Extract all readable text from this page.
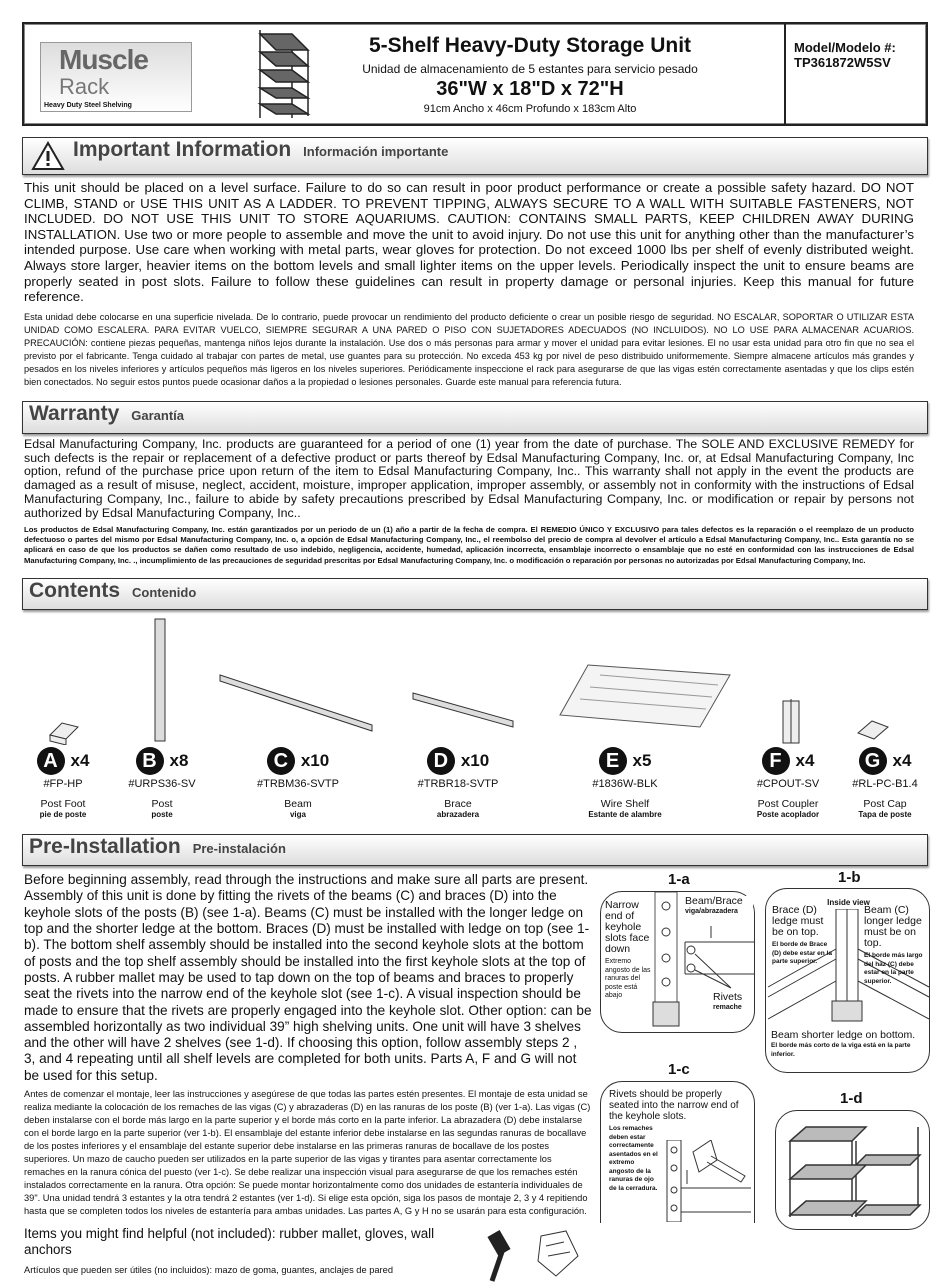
Muscle
Rack
Heavy Duty Steel Shelving
5-Shelf Heavy-Duty Storage Unit
Unidad de almacenamiento de 5 estantes para servicio pesado
36"W x 18"D x 72"H
91cm Ancho x 46cm Profundo x 183cm Alto
Model/Modelo #:
TP361872W5SV
Important Information Información importante
This unit should be placed on a level surface. Failure to do so can result in poor product performance or create a possible safety hazard. DO NOT CLIMB, STAND or USE THIS UNIT AS A LADDER. TO PREVENT TIPPING, ALWAYS SECURE TO A WALL WITH SUITABLE FASTENERS, NOT INCLUDED. DO NOT USE THIS UNIT TO STORE AQUARIUMS. CAUTION: CONTAINS SMALL PARTS, KEEP CHILDREN AWAY DURING INSTALLATION. Use two or more people to assemble and move the unit to avoid injury. Do not use this unit for anything other than the manufacturer’s intended purpose. Use care when working with metal parts, wear gloves for protection. Do not exceed 1000 lbs per shelf of evenly distributed weight. Always store larger, heavier items on the bottom levels and small lighter items on the upper levels. Periodically inspect the unit to ensure beams are properly seated in post slots. Failure to follow these guidelines can result in property damage or personal injuries. Keep this manual for future reference.
Esta unidad debe colocarse en una superficie nivelada. De lo contrario, puede provocar un rendimiento del producto deficiente o crear un posible riesgo de seguridad. NO ESCALAR, SOPORTAR O UTILIZAR ESTA UNIDAD COMO ESCALERA. PARA EVITAR VUELCO, SIEMPRE SEGURAR A UNA PARED O PISO CON SUJETADORES ADECUADOS (NO INCLUIDOS). NO LO USE PARA ALMACENAR ACUARIOS. PRECAUCIÓN: contiene piezas pequeñas, mantenga niños lejos durante la instalación. Use dos o más personas para armar y mover el unidad para evitar lesiones. El no usar esta unidad para otro fin que no sea el previsto por el fabricante. Tenga cuidado al trabajar con partes de metal, use guantes para su protección. No exceda 453 kg por nivel de peso distribuido uniformemente. Siempre almacene artículos más grandes y pesados en los niveles inferiores y artículos pequeños más ligeros en los niveles superiores. Periódicamente inspeccione el rack para asegurarse de que las vigas estén correctamente asentadas y que los clips estén bien conectados. No seguir estos puntos puede ocasionar daños a la propiedad o lesiones personales. Guarde este manual para referencia futura.
Warranty Garantía
Edsal Manufacturing Company, Inc. products are guaranteed for a period of one (1) year from the date of purchase. The SOLE AND EXCLUSIVE REMEDY for such defects is the repair or replacement of a defective product or parts thereof by Edsal Manufacturing Company, Inc. or, at Edsal Manufacturing Company, Inc option, refund of the purchase price upon return of the item to Edsal Manufacturing Company, Inc.. This warranty shall not apply in the event the products are damaged as a result of misuse, neglect, accident, moisture, improper application, improper assembly, or assembly not in conformity with the instructions of Edsal Manufacturing Company, Inc., failure to abide by safety precautions prescribed by Edsal Manufacturing Company, Inc. or modification or repair by persons not authorized by Edsal Manufacturing Company, Inc..
Los productos de Edsal Manufacturing Company, Inc. están garantizados por un periodo de un (1) año a partir de la fecha de compra. El REMEDIO ÚNICO Y EXCLUSIVO para tales defectos es la reparación o el reemplazo de un producto defectuoso o partes del mismo por Edsal Manufacturing Company, Inc. o, a opción de Edsal Manufacturing Company, Inc., el reembolso del precio de compra al devolver el artículo a Edsal Manufacturing Company, Inc.. Esta garantía no se aplicará en caso de que los productos se dañen como resultado de uso indebido, negligencia, accidente, humedad, aplicación incorrecta, ensamblaje incorrecto o ensamblaje que no esté en conformidad con las instrucciones de Edsal Manufacturing Company, Inc. ., incumplimiento de las precauciones de seguridad prescritas por Edsal Manufacturing Company, Inc. o modificación o reparación por personas no autorizadas por Edsal Manufacturing Company, Inc.
Contents Contenido
A x4
#FP-HP
Post Foot
pie de poste
B x8
#URPS36-SV
Post
poste
C x10
#TRBM36-SVTP
Beam
viga
D x10
#TRBR18-SVTP
Brace
abrazadera
E x5
#1836W-BLK
Wire Shelf
Estante de alambre
F x4
#CPOUT-SV
Post Coupler
Poste acoplador
G x4
#RL-PC-B1.4
Post Cap
Tapa de poste
Pre-Installation Pre-instalación
Before beginning assembly, read through the instructions and make sure all parts are present. Assembly of this unit is done by fitting the rivets of the beams (C) and braces (D) into the keyhole slots of the posts (B) (see 1-a). Beams (C) must be installed with the longer ledge on top and the shorter ledge at the bottom. Braces (D) must be installed with ledge on top (see 1-b). The bottom shelf assembly should be installed into the second keyhole slots at the bottom of posts and the top shelf assembly should be installed into the first keyhole slots at the top of posts. A rubber mallet may be used to tap down on the top of beams and braces to properly seat the rivets into the narrow end of the keyhole slot (see 1-c). A visual inspection should be made to ensure that the rivets are properly engaged into the keyhole slot. Other option: can be assembled horizontally as two individual 39” high shelving units. One unit will have 3 shelves and the other will have 2 shelves (see 1-d). If choosing this option, follow assembly steps 2 , 3, and 4 repeating until all shelf levels are completed for both units. Parts A, F and G will not be used for this setup.
Antes de comenzar el montaje, leer las instrucciones y asegúrese de que todas las partes estén presentes. El montaje de esta unidad se realiza mediante la colocación de los remaches de las vigas (C) y abrazaderas (D) en las ranuras de los poste (B) (ver 1-a). Las vigas (C) deben instalarse con el borde más largo en la parte superior y el borde más corto en la parte inferior. La abrazadera (D) debe instalarse con el borde largo en la parte superior (ver 1-b). El ensamblaje del estante inferior debe instalarse en las segundas ranuras de bocallave de los postes inferiores y el ensamblaje del estante superior debe instalarse en las primeras ranuras de bocallave de los postes superiores. Un mazo de caucho pueden ser utilizados en la parte superior de las vigas y tirantes para asentar correctamente los remaches en la ranura cónica del puesto (ver 1-c). Se debe realizar una inspección visual para asegurarse de que los remaches estén instalados correctamente en la ranura. Otra opción: Se puede montar horizontalmente como dos unidades de estantería individuales de 39". Una unidad tendrá 3 estantes y la otra tendrá 2 estantes (ver 1-d). Si elige esta opción, siga los pasos de montaje 2, 3 y 4 repitiendo hasta que se completen todos los niveles de estantería para ambas unidades. Las partes A, G y H no se usarán para esta configuración.
Items you might find helpful (not included): rubber mallet, gloves, wall anchors
Artículos que pueden ser útiles (no incluidos): mazo de goma, guantes, anclajes de pared
1-a
Narrow end of keyhole slots face down
Extremo angosto de las ranuras del poste está abajo
Beam/Brace
viga/abrazadera
Rivets
remache
1-b
Inside view
Brace (D) ledge must be on top.
El borde de Brace (D) debe estar en la parte superior.
Beam (C) longer ledge must be on top.
El borde más largo del haz (C) debe estar en la parte superior.
Beam shorter ledge on bottom.
El borde más corto de la viga está en la parte inferior.
1-c
Rivets should be properly seated into the narrow end of the keyhole slots.
Los remaches deben estar correctamente asentados en el extremo angosto de la ranuras de ojo de la cerradura.
1-d
